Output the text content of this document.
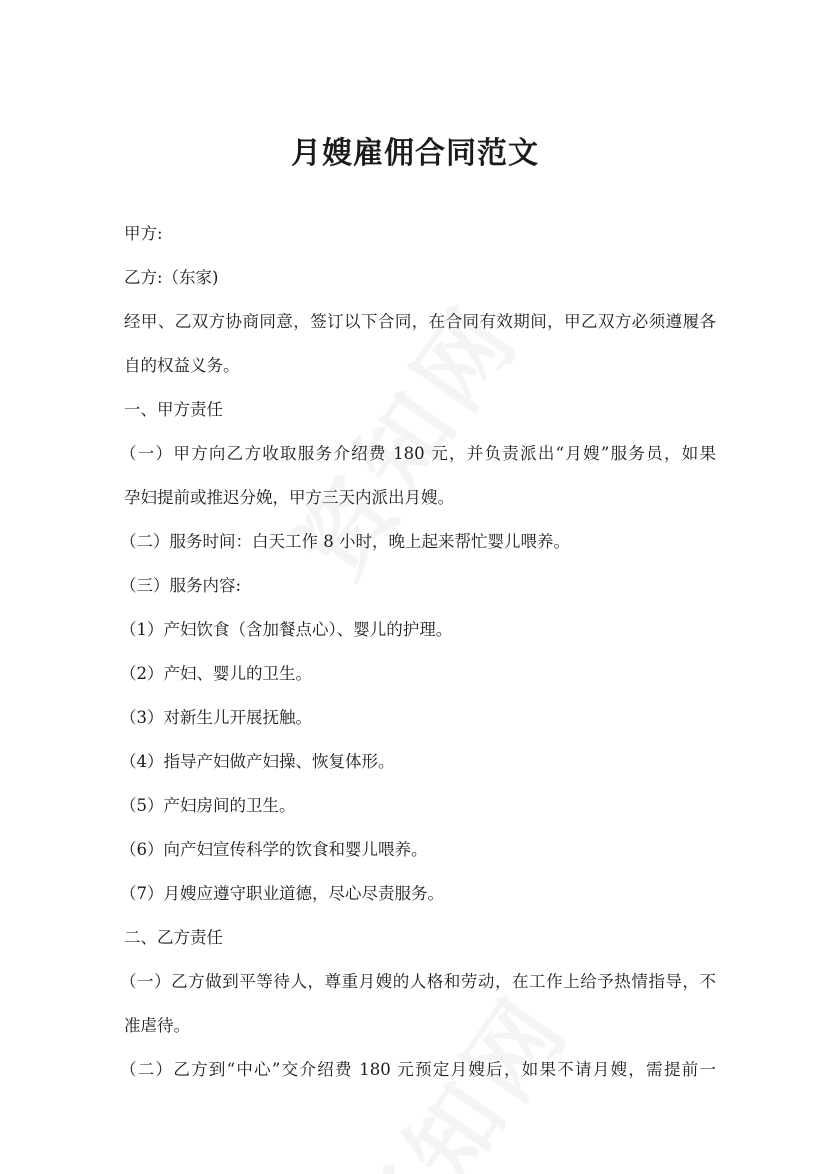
月嫂雇佣合同范文

甲方:

乙方:（东家)

经甲、乙双方协商同意，签订以下合同，在合同有效期间，甲乙双方必须遵履各

自的权益义务。

一、甲方责任

（一）甲方向乙方收取服务介绍费 180 元，并负责派出“月嫂”服务员，如果

孕妇提前或推迟分娩，甲方三天内派出月嫂。

（二）服务时间：白天工作 8 小时，晚上起来帮忙婴儿喂养。

（三）服务内容:

（1）产妇饮食（含加餐点心）、婴儿的护理。

（2）产妇、婴儿的卫生。

（3）对新生儿开展抚触。

（4）指导产妇做产妇操、恢复体形。

（5）产妇房间的卫生。

（6）向产妇宣传科学的饮食和婴儿喂养。

（7）月嫂应遵守职业道德，尽心尽责服务。

二、乙方责任

（一）乙方做到平等待人，尊重月嫂的人格和劳动，在工作上给予热情指导，不

准虐待。

（二）乙方到“中心”交介绍费 180 元预定月嫂后，如果不请月嫂，需提前一
